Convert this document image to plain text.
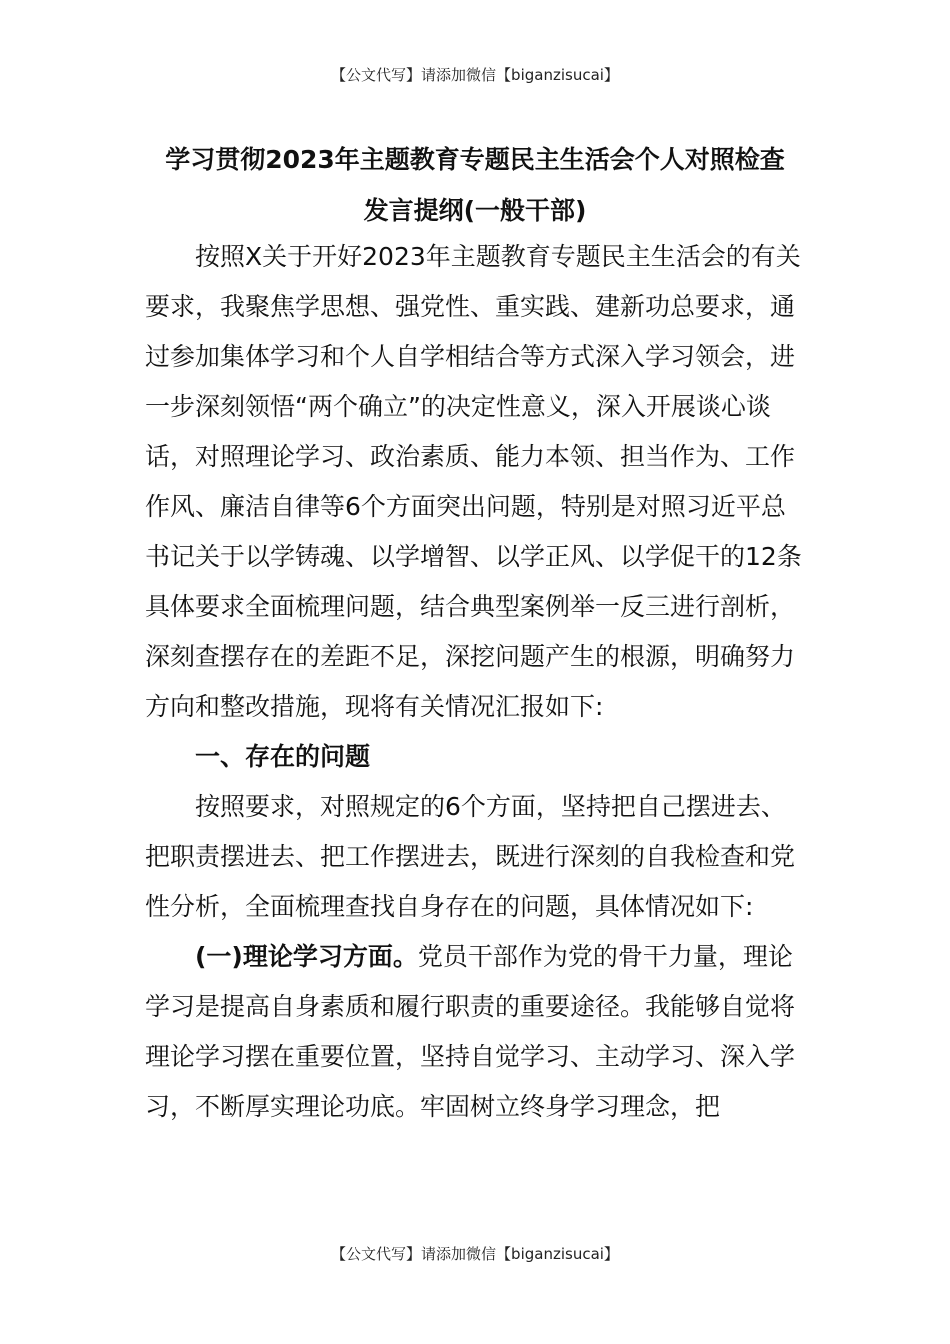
【公文代写】请添加微信【biganzisucai】
学习贯彻2023年主题教育专题民主生活会个人对照检查
发言提纲(一般干部)

按照X关于开好2023年主题教育专题民主生活会的有关要求，我聚焦学思想、强党性、重实践、建新功总要求，通过参加集体学习和个人自学相结合等方式深入学习领会，进一步深刻领悟“两个确立”的决定性意义，深入开展谈心谈话，对照理论学习、政治素质、能力本领、担当作为、工作作风、廉洁自律等6个方面突出问题，特别是对照习近平总书记关于以学铸魂、以学增智、以学正风、以学促干的12条具体要求全面梳理问题，结合典型案例举一反三进行剖析，深刻查摆存在的差距不足，深挖问题产生的根源，明确努力方向和整改措施，现将有关情况汇报如下:

一、存在的问题

按照要求，对照规定的6个方面，坚持把自己摆进去、把职责摆进去、把工作摆进去，既进行深刻的自我检查和党性分析，全面梳理查找自身存在的问题，具体情况如下:

(一)理论学习方面。党员干部作为党的骨干力量，理论学习是提高自身素质和履行职责的重要途径。我能够自觉将理论学习摆在重要位置，坚持自觉学习、主动学习、深入学习，不断厚实理论功底。牢固树立终身学习理念，把

【公文代写】请添加微信【biganzisucai】
